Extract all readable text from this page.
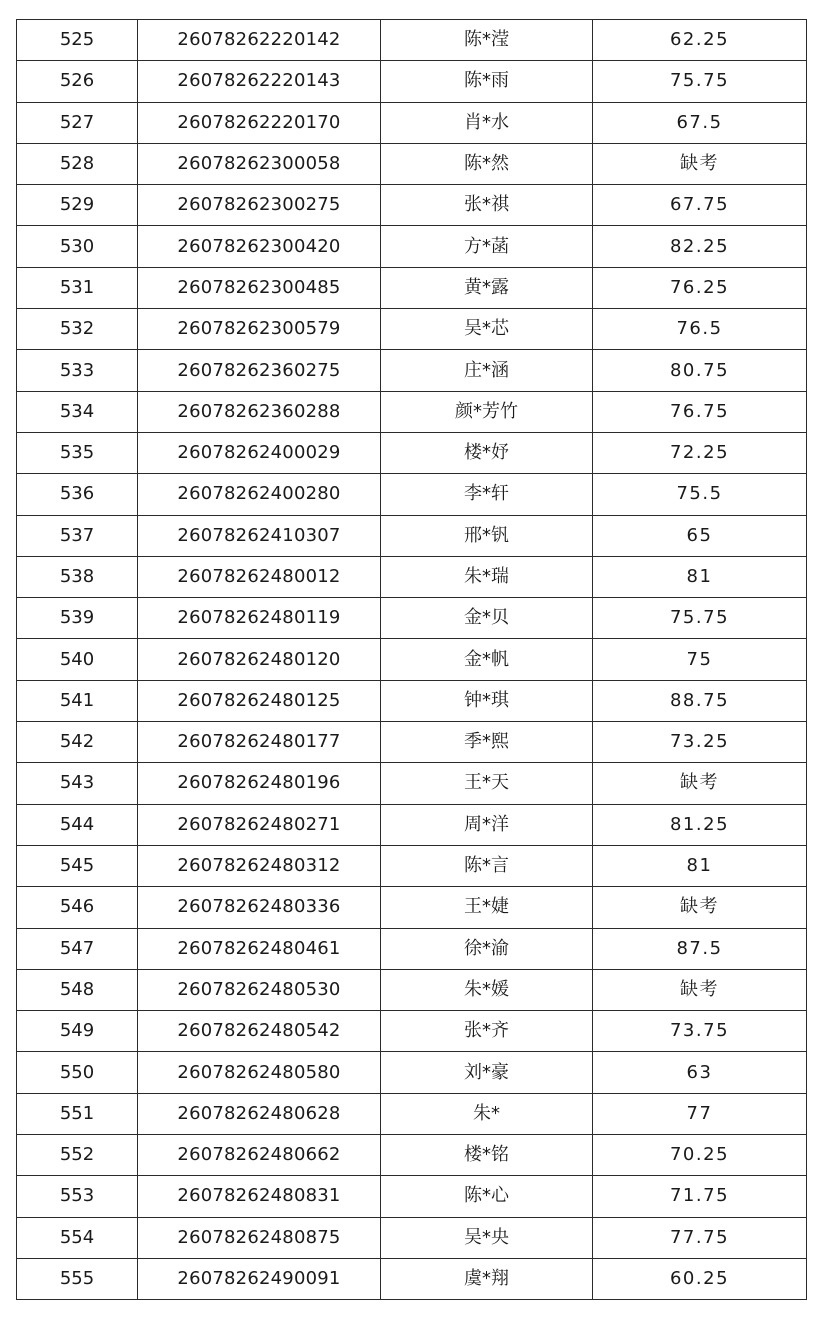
525	26078262220142	陈*滢	62.25
526	26078262220143	陈*雨	75.75
527	26078262220170	肖*水	67.5
528	26078262300058	陈*然	缺考
529	26078262300275	张*祺	67.75
530	26078262300420	方*菡	82.25
531	26078262300485	黄*露	76.25
532	26078262300579	吴*芯	76.5
533	26078262360275	庄*涵	80.75
534	26078262360288	颜*芳竹	76.75
535	26078262400029	楼*妤	72.25
536	26078262400280	李*轩	75.5
537	26078262410307	邢*钒	65
538	26078262480012	朱*瑞	81
539	26078262480119	金*贝	75.75
540	26078262480120	金*帆	75
541	26078262480125	钟*琪	88.75
542	26078262480177	季*熙	73.25
543	26078262480196	王*天	缺考
544	26078262480271	周*洋	81.25
545	26078262480312	陈*言	81
546	26078262480336	王*婕	缺考
547	26078262480461	徐*渝	87.5
548	26078262480530	朱*媛	缺考
549	26078262480542	张*齐	73.75
550	26078262480580	刘*豪	63
551	26078262480628	朱*	77
552	26078262480662	楼*铭	70.25
553	26078262480831	陈*心	71.75
554	26078262480875	吴*央	77.75
555	26078262490091	虞*翔	60.25
